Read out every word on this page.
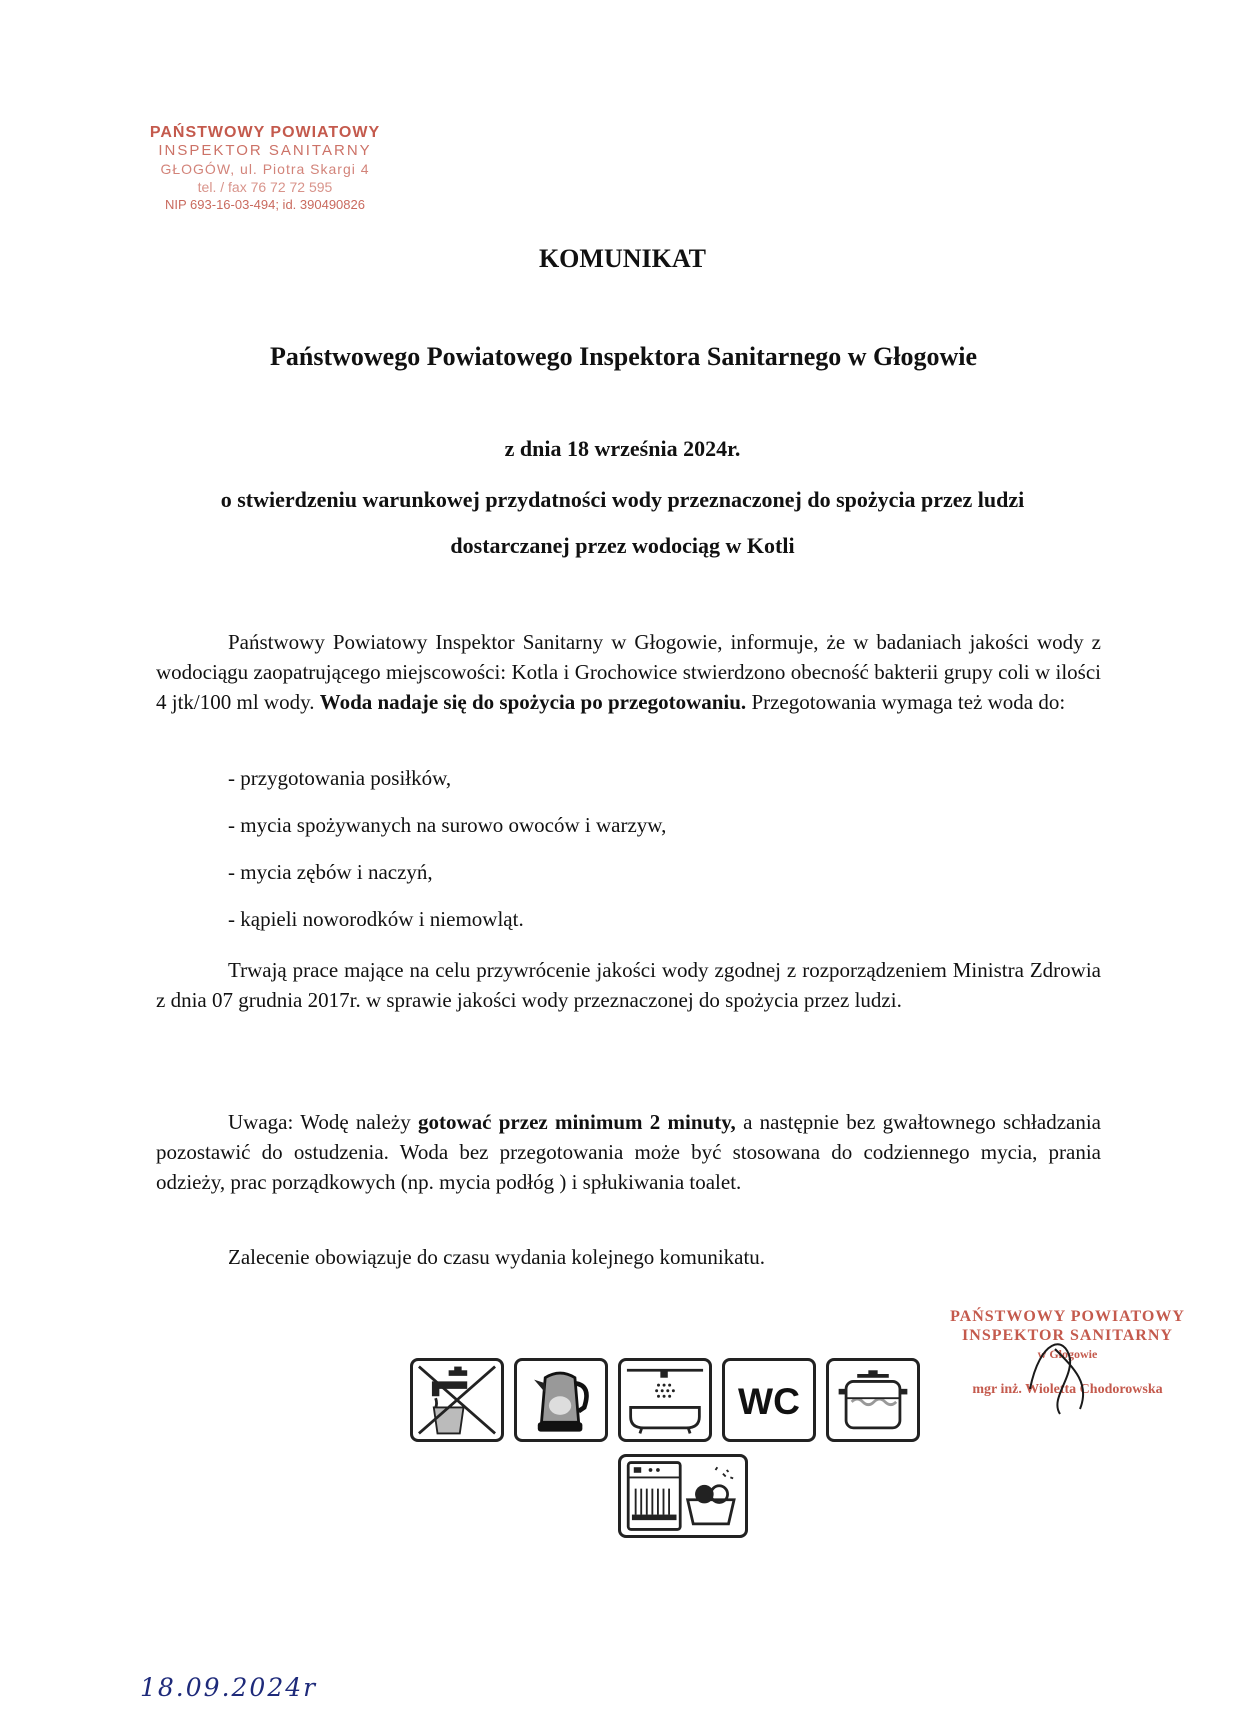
PAŃSTWOWY POWIATOWY
INSPEKTOR SANITARNY
GŁOGÓW, ul. Piotra Skargi 4
tel. / fax 76 72 72 595
NIP 693-16-03-494; id. 390490826
KOMUNIKAT
Państwowego Powiatowego Inspektora Sanitarnego w Głogowie
z dnia 18 września 2024r.
o stwierdzeniu warunkowej przydatności wody przeznaczonej do spożycia przez ludzi
dostarczanej przez wodociąg w Kotli
Państwowy Powiatowy Inspektor Sanitarny w Głogowie, informuje, że w badaniach jakości wody z wodociągu zaopatrującego miejscowości: Kotla i Grochowice stwierdzono obecność bakterii grupy coli w ilości 4 jtk/100 ml wody. Woda nadaje się do spożycia po przegotowaniu. Przegotowania wymaga też woda do:
- przygotowania posiłków,
- mycia spożywanych na surowo owoców i warzyw,
- mycia zębów i naczyń,
- kąpieli noworodków i niemowląt.
Trwają prace mające na celu przywrócenie jakości wody zgodnej z rozporządzeniem Ministra Zdrowia z dnia 07 grudnia 2017r. w sprawie jakości wody przeznaczonej do spożycia przez ludzi.
Uwaga: Wodę należy gotować przez minimum 2 minuty, a następnie bez gwałtownego schładzania pozostawić do ostudzenia. Woda bez przegotowania może być stosowana do codziennego mycia, prania odzieży, prac porządkowych (np. mycia podłóg ) i spłukiwania toalet.
Zalecenie obowiązuje do czasu wydania kolejnego komunikatu.
PAŃSTWOWY POWIATOWY
INSPEKTOR SANITARNY
w Głogowie
mgr inż. Wioletta Chodorowska
WC
18.09.2024r
